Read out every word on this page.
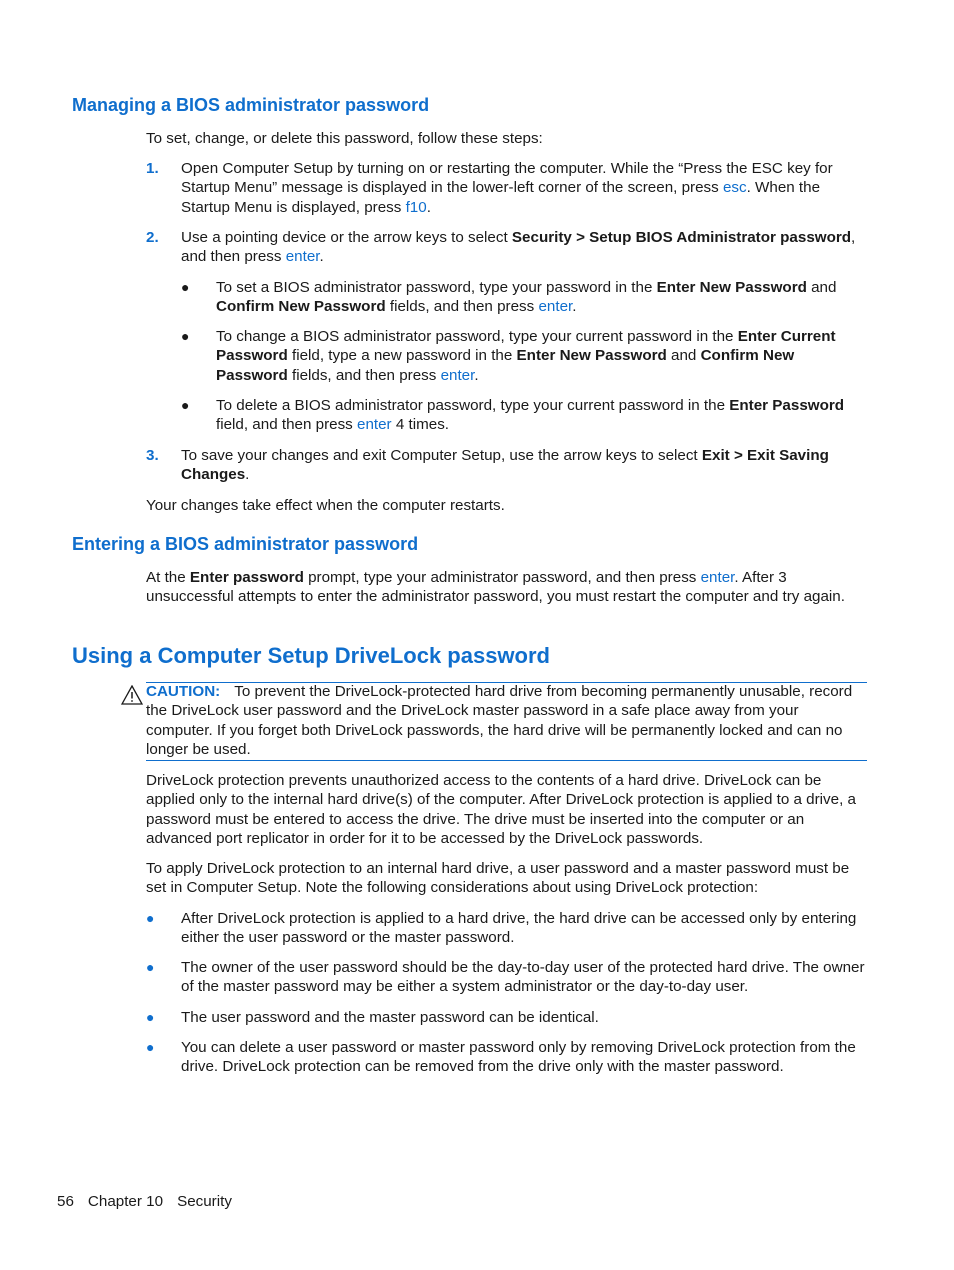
Managing a BIOS administrator password

To set, change, or delete this password, follow these steps:

1. Open Computer Setup by turning on or restarting the computer. While the “Press the ESC key for Startup Menu” message is displayed in the lower-left corner of the screen, press esc. When the Startup Menu is displayed, press f10.

2. Use a pointing device or the arrow keys to select Security > Setup BIOS Administrator password, and then press enter.

● To set a BIOS administrator password, type your password in the Enter New Password and Confirm New Password fields, and then press enter.

● To change a BIOS administrator password, type your current password in the Enter Current Password field, type a new password in the Enter New Password and Confirm New Password fields, and then press enter.

● To delete a BIOS administrator password, type your current password in the Enter Password field, and then press enter 4 times.

3. To save your changes and exit Computer Setup, use the arrow keys to select Exit > Exit Saving Changes.

Your changes take effect when the computer restarts.

Entering a BIOS administrator password

At the Enter password prompt, type your administrator password, and then press enter. After 3 unsuccessful attempts to enter the administrator password, you must restart the computer and try again.

Using a Computer Setup DriveLock password

CAUTION: To prevent the DriveLock-protected hard drive from becoming permanently unusable, record the DriveLock user password and the DriveLock master password in a safe place away from your computer. If you forget both DriveLock passwords, the hard drive will be permanently locked and can no longer be used.

DriveLock protection prevents unauthorized access to the contents of a hard drive. DriveLock can be applied only to the internal hard drive(s) of the computer. After DriveLock protection is applied to a drive, a password must be entered to access the drive. The drive must be inserted into the computer or an advanced port replicator in order for it to be accessed by the DriveLock passwords.

To apply DriveLock protection to an internal hard drive, a user password and a master password must be set in Computer Setup. Note the following considerations about using DriveLock protection:

● After DriveLock protection is applied to a hard drive, the hard drive can be accessed only by entering either the user password or the master password.

● The owner of the user password should be the day-to-day user of the protected hard drive. The owner of the master password may be either a system administrator or the day-to-day user.

● The user password and the master password can be identical.

● You can delete a user password or master password only by removing DriveLock protection from the drive. DriveLock protection can be removed from the drive only with the master password.

56 Chapter 10 Security
